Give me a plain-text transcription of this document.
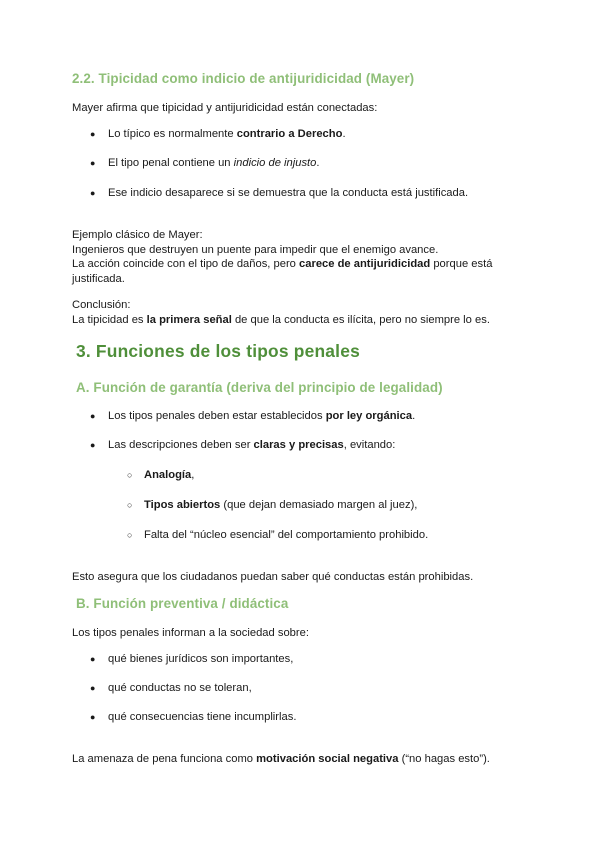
2.2. Tipicidad como indicio de antijuridicidad (Mayer)
Mayer afirma que tipicidad y antijuridicidad están conectadas:
● Lo típico es normalmente contrario a Derecho.
● El tipo penal contiene un indicio de injusto.
● Ese indicio desaparece si se demuestra que la conducta está justificada.
Ejemplo clásico de Mayer:
Ingenieros que destruyen un puente para impedir que el enemigo avance.
La acción coincide con el tipo de daños, pero carece de antijuridicidad porque está
justificada.
Conclusión:
La tipicidad es la primera señal de que la conducta es ilícita, pero no siempre lo es.
3. Funciones de los tipos penales
A. Función de garantía (deriva del principio de legalidad)
● Los tipos penales deben estar establecidos por ley orgánica.
● Las descripciones deben ser claras y precisas, evitando:
○ Analogía,
○ Tipos abiertos (que dejan demasiado margen al juez),
○ Falta del “núcleo esencial” del comportamiento prohibido.
Esto asegura que los ciudadanos puedan saber qué conductas están prohibidas.
B. Función preventiva / didáctica
Los tipos penales informan a la sociedad sobre:
● qué bienes jurídicos son importantes,
● qué conductas no se toleran,
● qué consecuencias tiene incumplirlas.
La amenaza de pena funciona como motivación social negativa (“no hagas esto”).
